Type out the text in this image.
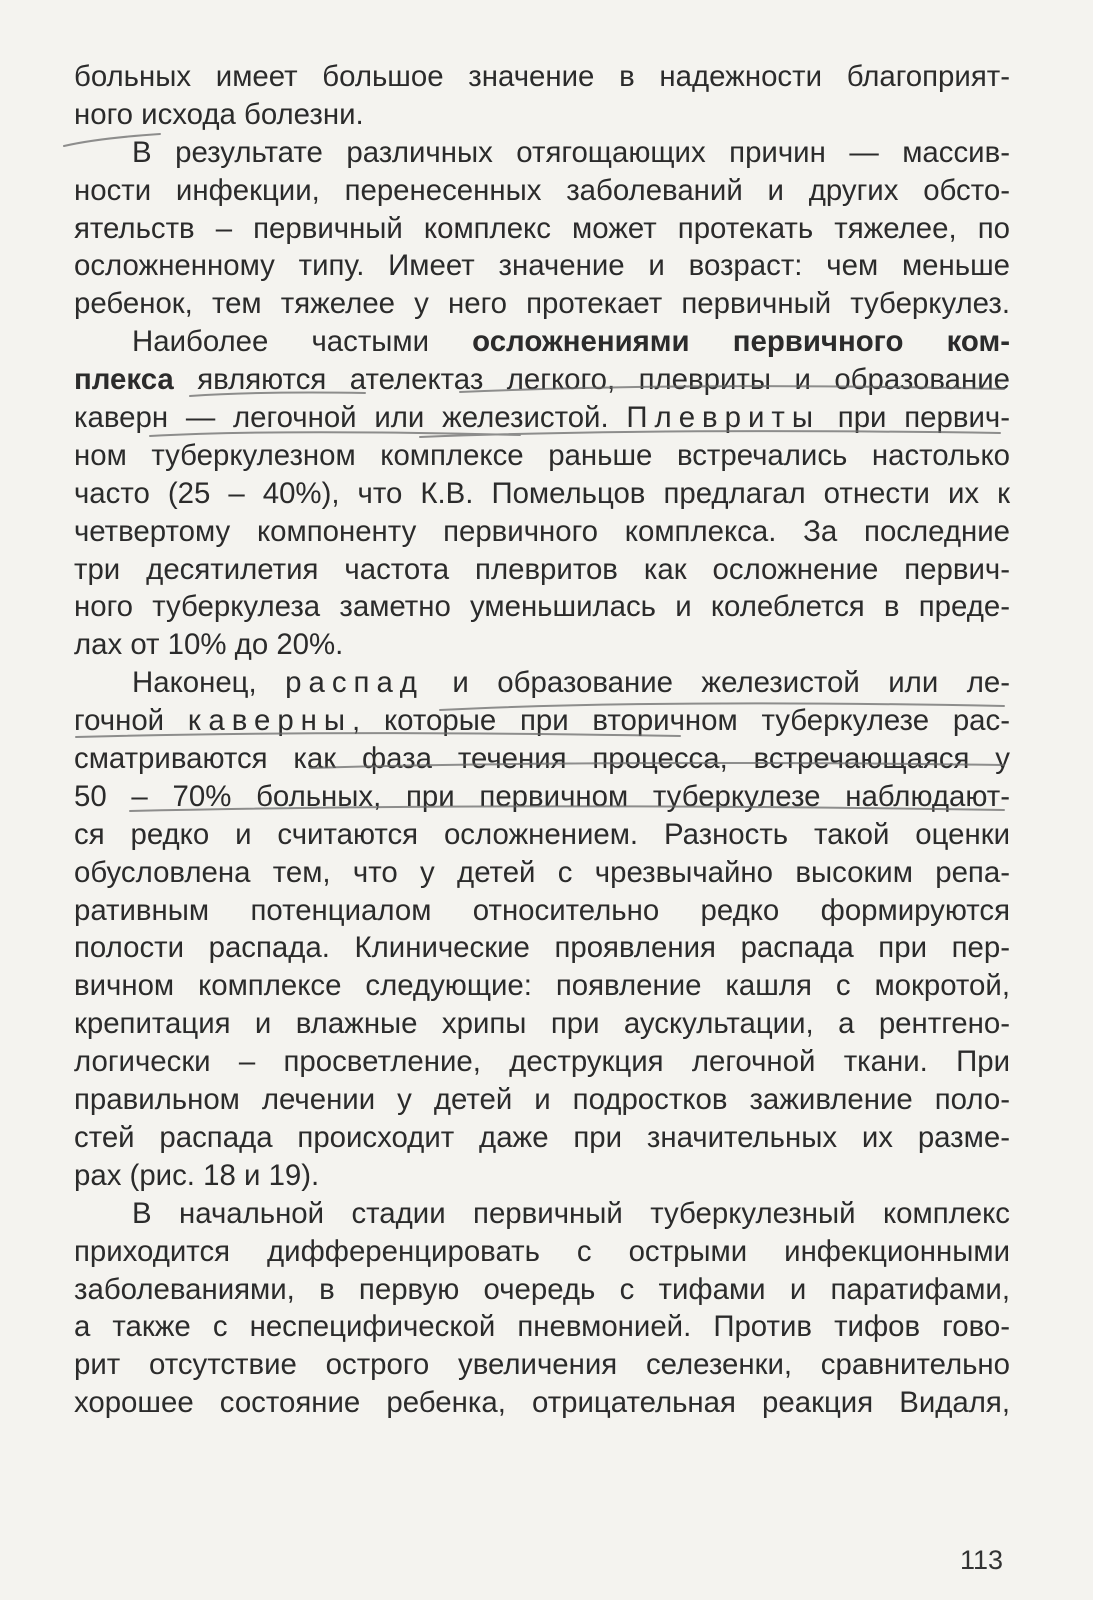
больных имеет большое значение в надежности благоприят-
ного исхода болезни.
В результате различных отягощающих причин — массив-
ности инфекции, перенесенных заболеваний и других обсто-
ятельств – первичный комплекс может протекать тяжелее, по
осложненному типу. Имеет значение и возраст: чем меньше
ребенок, тем тяжелее у него протекает первичный туберкулез.
Наиболее частыми осложнениями первичного ком-
плекса являются ателектаз легкого, плевриты и образование
каверн — легочной или железистой. Плевриты при первич-
ном туберкулезном комплексе раньше встречались настолько
часто (25 – 40%), что К.В. Помельцов предлагал отнести их к
четвертому компоненту первичного комплекса. За последние
три десятилетия частота плевритов как осложнение первич-
ного туберкулеза заметно уменьшилась и колеблется в преде-
лах от 10% до 20%.
Наконец, распад и образование железистой или ле-
гочной каверны, которые при вторичном туберкулезе рас-
сматриваются как фаза течения процесса, встречающаяся у
50 – 70% больных, при первичном туберкулезе наблюдают-
ся редко и считаются осложнением. Разность такой оценки
обусловлена тем, что у детей с чрезвычайно высоким репа-
ративным потенциалом относительно редко формируются
полости распада. Клинические проявления распада при пер-
вичном комплексе следующие: появление кашля с мокротой,
крепитация и влажные хрипы при аускультации, а рентгено-
логически – просветление, деструкция легочной ткани. При
правильном лечении у детей и подростков заживление поло-
стей распада происходит даже при значительных их разме-
рах (рис. 18 и 19).
В начальной стадии первичный туберкулезный комплекс
приходится дифференцировать с острыми инфекционными
заболеваниями, в первую очередь с тифами и паратифами,
а также с неспецифической пневмонией. Против тифов гово-
рит отсутствие острого увеличения селезенки, сравнительно
хорошее состояние ребенка, отрицательная реакция Видаля,
113
